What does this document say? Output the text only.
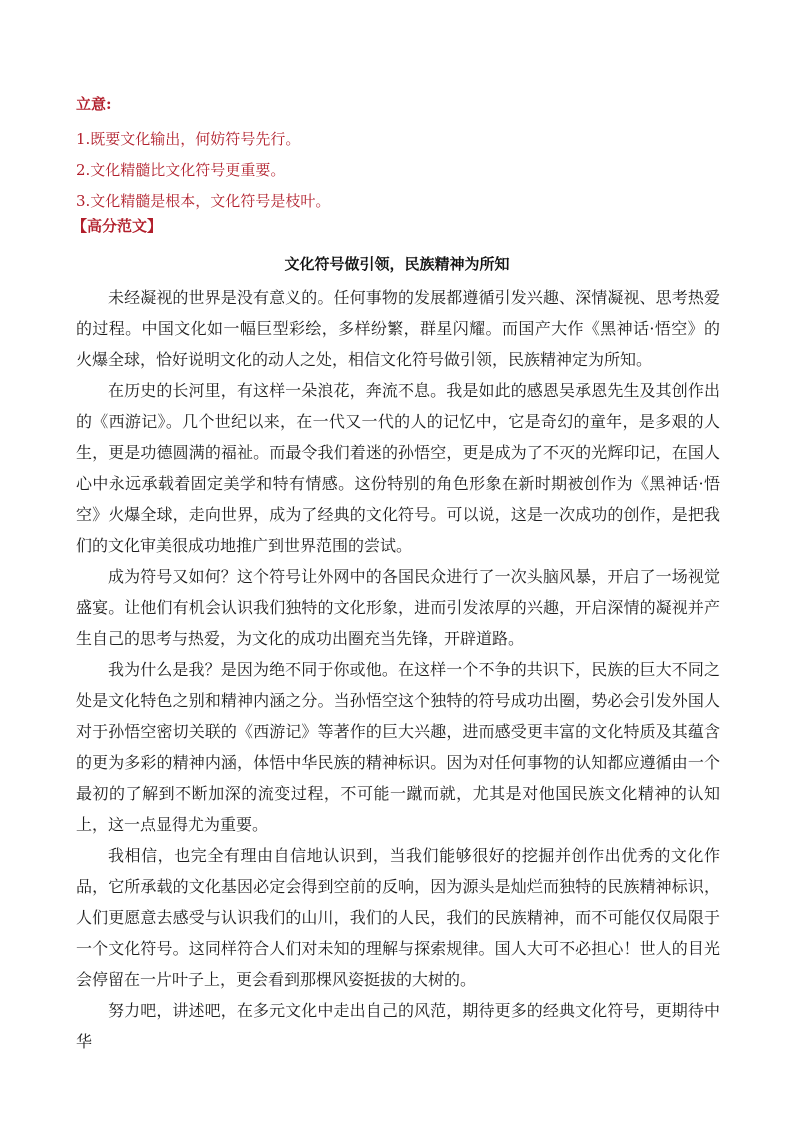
立意:
1.既要文化输出，何妨符号先行。
2.文化精髓比文化符号更重要。
3.文化精髓是根本，文化符号是枝叶。
【高分范文】
文化符号做引领，民族精神为所知

未经凝视的世界是没有意义的。任何事物的发展都遵循引发兴趣、深情凝视、思考热爱的过程。中国文化如一幅巨型彩绘，多样纷繁，群星闪耀。而国产大作《黑神话·悟空》的火爆全球，恰好说明文化的动人之处，相信文化符号做引领，民族精神定为所知。

在历史的长河里，有这样一朵浪花，奔流不息。我是如此的感恩吴承恩先生及其创作出的《西游记》。几个世纪以来，在一代又一代的人的记忆中，它是奇幻的童年，是多艰的人生，更是功德圆满的福祉。而最令我们着迷的孙悟空，更是成为了不灭的光辉印记，在国人心中永远承载着固定美学和特有情感。这份特别的角色形象在新时期被创作为《黑神话·悟空》火爆全球，走向世界，成为了经典的文化符号。可以说，这是一次成功的创作，是把我们的文化审美很成功地推广到世界范围的尝试。

成为符号又如何？这个符号让外网中的各国民众进行了一次头脑风暴，开启了一场视觉盛宴。让他们有机会认识我们独特的文化形象，进而引发浓厚的兴趣，开启深情的凝视并产生自己的思考与热爱，为文化的成功出圈充当先锋，开辟道路。

我为什么是我？是因为绝不同于你或他。在这样一个不争的共识下，民族的巨大不同之处是文化特色之别和精神内涵之分。当孙悟空这个独特的符号成功出圈，势必会引发外国人对于孙悟空密切关联的《西游记》等著作的巨大兴趣，进而感受更丰富的文化特质及其蕴含的更为多彩的精神内涵，体悟中华民族的精神标识。因为对任何事物的认知都应遵循由一个最初的了解到不断加深的流变过程，不可能一蹴而就，尤其是对他国民族文化精神的认知上，这一点显得尤为重要。

我相信，也完全有理由自信地认识到，当我们能够很好的挖掘并创作出优秀的文化作品，它所承载的文化基因必定会得到空前的反响，因为源头是灿烂而独特的民族精神标识，人们更愿意去感受与认识我们的山川，我们的人民，我们的民族精神，而不可能仅仅局限于一个文化符号。这同样符合人们对未知的理解与探索规律。国人大可不必担心！世人的目光会停留在一片叶子上，更会看到那棵风姿挺拔的大树的。

努力吧，讲述吧，在多元文化中走出自己的风范，期待更多的经典文化符号，更期待中华
